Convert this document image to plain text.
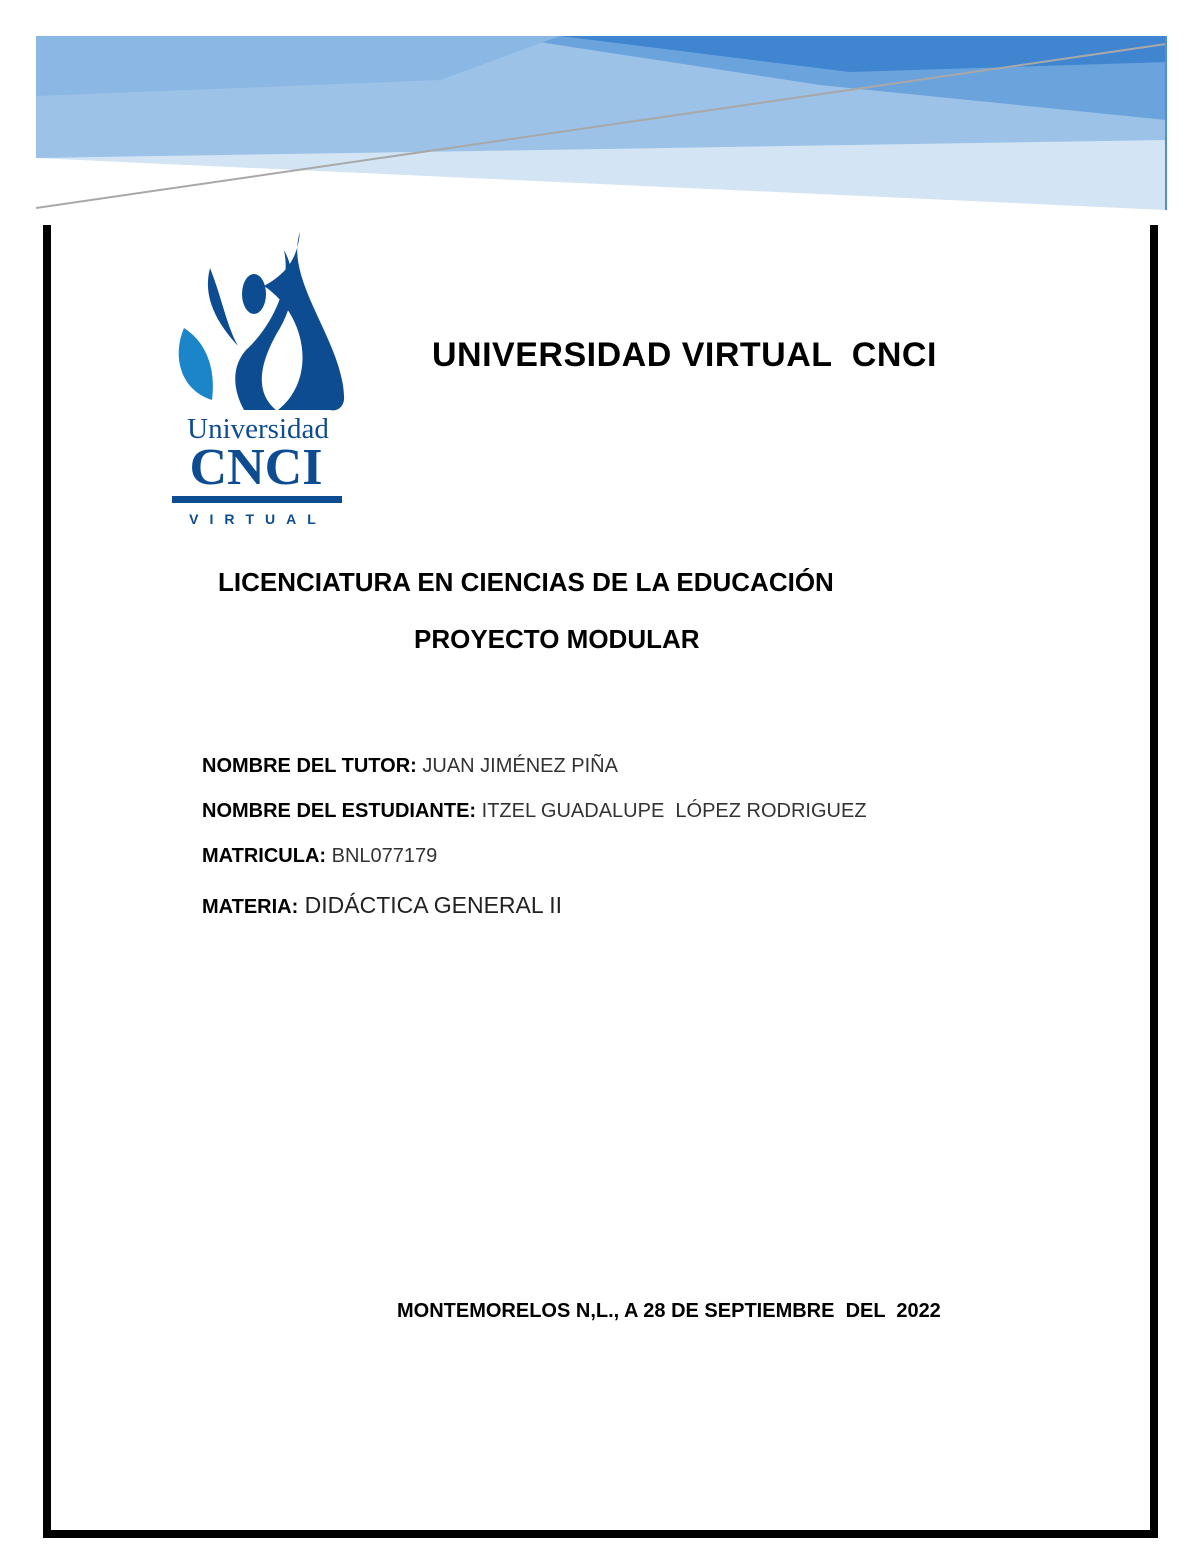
Universidad
CNCI
VIRTUAL
UNIVERSIDAD VIRTUAL  CNCI
LICENCIATURA EN CIENCIAS DE LA EDUCACIÓN
PROYECTO MODULAR

NOMBRE DEL TUTOR: JUAN JIMÉNEZ PIÑA

NOMBRE DEL ESTUDIANTE: ITZEL GUADALUPE  LÓPEZ RODRIGUEZ

MATRICULA: BNL077179

MATERIA: DIDÁCTICA GENERAL II

MONTEMORELOS N,L., A 28 DE SEPTIEMBRE  DEL  2022
